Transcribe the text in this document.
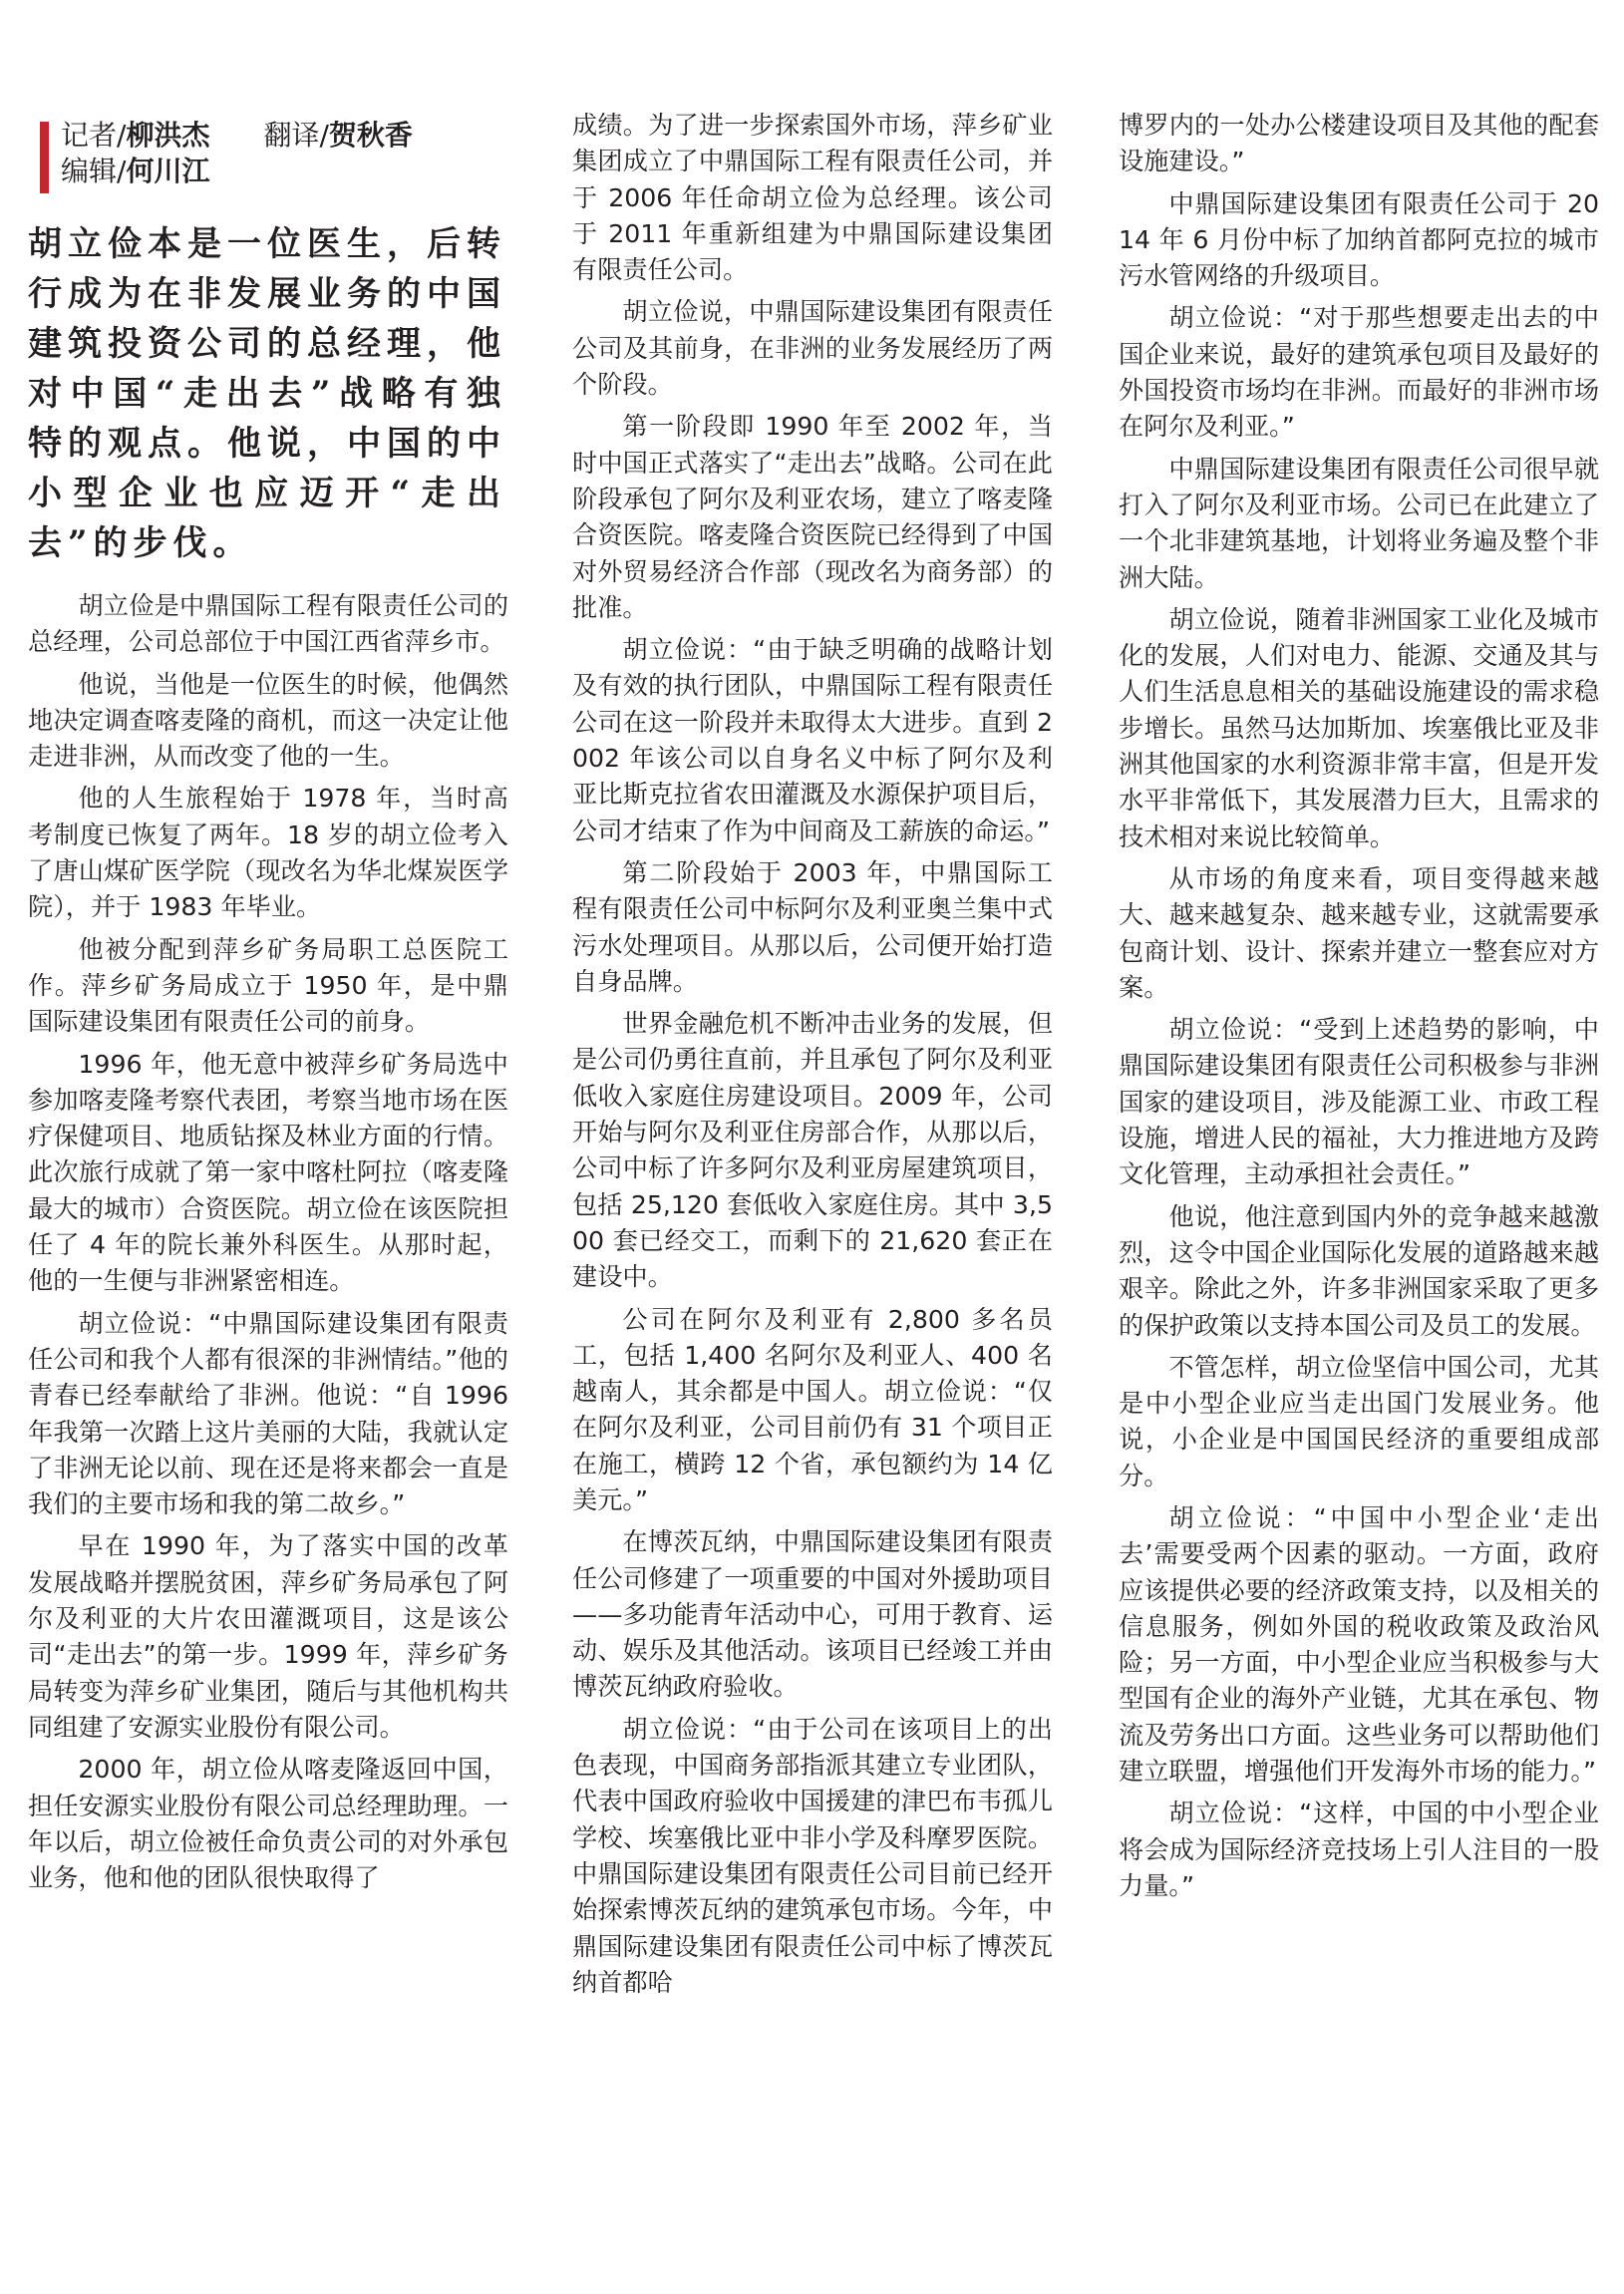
记者/柳洪杰 翻译/贺秋香
编辑/何川江

胡立俭本是一位医生，后转行成为在非发展业务的中国建筑投资公司的总经理，他对中国“走出去”战略有独特的观点。他说，中国的中小型企业也应迈开“走出去”的步伐。

胡立俭是中鼎国际工程有限责任公司的总经理，公司总部位于中国江西省萍乡市。

他说，当他是一位医生的时候，他偶然地决定调查喀麦隆的商机，而这一决定让他走进非洲，从而改变了他的一生。

他的人生旅程始于 1978 年，当时高考制度已恢复了两年。18 岁的胡立俭考入了唐山煤矿医学院（现改名为华北煤炭医学院），并于 1983 年毕业。

他被分配到萍乡矿务局职工总医院工作。萍乡矿务局成立于 1950 年，是中鼎国际建设集团有限责任公司的前身。

1996 年，他无意中被萍乡矿务局选中参加喀麦隆考察代表团，考察当地市场在医疗保健项目、地质钻探及林业方面的行情。此次旅行成就了第一家中喀杜阿拉（喀麦隆最大的城市）合资医院。胡立俭在该医院担任了 4 年的院长兼外科医生。从那时起，他的一生便与非洲紧密相连。

胡立俭说：“中鼎国际建设集团有限责任公司和我个人都有很深的非洲情结。”他的青春已经奉献给了非洲。他说：“自 1996 年我第一次踏上这片美丽的大陆，我就认定了非洲无论以前、现在还是将来都会一直是我们的主要市场和我的第二故乡。”

早在 1990 年，为了落实中国的改革发展战略并摆脱贫困，萍乡矿务局承包了阿尔及利亚的大片农田灌溉项目，这是该公司“走出去”的第一步。1999 年，萍乡矿务局转变为萍乡矿业集团，随后与其他机构共同组建了安源实业股份有限公司。

2000 年，胡立俭从喀麦隆返回中国，担任安源实业股份有限公司总经理助理。一年以后，胡立俭被任命负责公司的对外承包业务，他和他的团队很快取得了

成绩。为了进一步探索国外市场，萍乡矿业集团成立了中鼎国际工程有限责任公司，并于 2006 年任命胡立俭为总经理。该公司于 2011 年重新组建为中鼎国际建设集团有限责任公司。

胡立俭说，中鼎国际建设集团有限责任公司及其前身，在非洲的业务发展经历了两个阶段。

第一阶段即 1990 年至 2002 年，当时中国正式落实了“走出去”战略。公司在此阶段承包了阿尔及利亚农场，建立了喀麦隆合资医院。喀麦隆合资医院已经得到了中国对外贸易经济合作部（现改名为商务部）的批准。

胡立俭说：“由于缺乏明确的战略计划及有效的执行团队，中鼎国际工程有限责任公司在这一阶段并未取得太大进步。直到 2002 年该公司以自身名义中标了阿尔及利亚比斯克拉省农田灌溉及水源保护项目后，公司才结束了作为中间商及工薪族的命运。”

第二阶段始于 2003 年，中鼎国际工程有限责任公司中标阿尔及利亚奥兰集中式污水处理项目。从那以后，公司便开始打造自身品牌。

世界金融危机不断冲击业务的发展，但是公司仍勇往直前，并且承包了阿尔及利亚低收入家庭住房建设项目。2009 年，公司开始与阿尔及利亚住房部合作，从那以后，公司中标了许多阿尔及利亚房屋建筑项目，包括 25,120 套低收入家庭住房。其中 3,500 套已经交工，而剩下的 21,620 套正在建设中。

公司在阿尔及利亚有 2,800 多名员工，包括 1,400 名阿尔及利亚人、400 名越南人，其余都是中国人。胡立俭说：“仅在阿尔及利亚，公司目前仍有 31 个项目正在施工，横跨 12 个省，承包额约为 14 亿美元。”

在博茨瓦纳，中鼎国际建设集团有限责任公司修建了一项重要的中国对外援助项目——多功能青年活动中心，可用于教育、运动、娱乐及其他活动。该项目已经竣工并由博茨瓦纳政府验收。

胡立俭说：“由于公司在该项目上的出色表现，中国商务部指派其建立专业团队，代表中国政府验收中国援建的津巴布韦孤儿学校、埃塞俄比亚中非小学及科摩罗医院。中鼎国际建设集团有限责任公司目前已经开始探索博茨瓦纳的建筑承包市场。今年，中鼎国际建设集团有限责任公司中标了博茨瓦纳首都哈

博罗内的一处办公楼建设项目及其他的配套设施建设。”

中鼎国际建设集团有限责任公司于 2014 年 6 月份中标了加纳首都阿克拉的城市污水管网络的升级项目。

胡立俭说：“对于那些想要走出去的中国企业来说，最好的建筑承包项目及最好的外国投资市场均在非洲。而最好的非洲市场在阿尔及利亚。”

中鼎国际建设集团有限责任公司很早就打入了阿尔及利亚市场。公司已在此建立了一个北非建筑基地，计划将业务遍及整个非洲大陆。

胡立俭说，随着非洲国家工业化及城市化的发展，人们对电力、能源、交通及其与人们生活息息相关的基础设施建设的需求稳步增长。虽然马达加斯加、埃塞俄比亚及非洲其他国家的水利资源非常丰富，但是开发水平非常低下，其发展潜力巨大，且需求的技术相对来说比较简单。

从市场的角度来看，项目变得越来越大、越来越复杂、越来越专业，这就需要承包商计划、设计、探索并建立一整套应对方案。

胡立俭说：“受到上述趋势的影响，中鼎国际建设集团有限责任公司积极参与非洲国家的建设项目，涉及能源工业、市政工程设施，增进人民的福祉，大力推进地方及跨文化管理，主动承担社会责任。”

他说，他注意到国内外的竞争越来越激烈，这令中国企业国际化发展的道路越来越艰辛。除此之外，许多非洲国家采取了更多的保护政策以支持本国公司及员工的发展。

不管怎样，胡立俭坚信中国公司，尤其是中小型企业应当走出国门发展业务。他说，小企业是中国国民经济的重要组成部分。

胡立俭说：“中国中小型企业‘走出去’需要受两个因素的驱动。一方面，政府应该提供必要的经济政策支持，以及相关的信息服务，例如外国的税收政策及政治风险；另一方面，中小型企业应当积极参与大型国有企业的海外产业链，尤其在承包、物流及劳务出口方面。这些业务可以帮助他们建立联盟，增强他们开发海外市场的能力。”

胡立俭说：“这样，中国的中小型企业将会成为国际经济竞技场上引人注目的一股力量。”
